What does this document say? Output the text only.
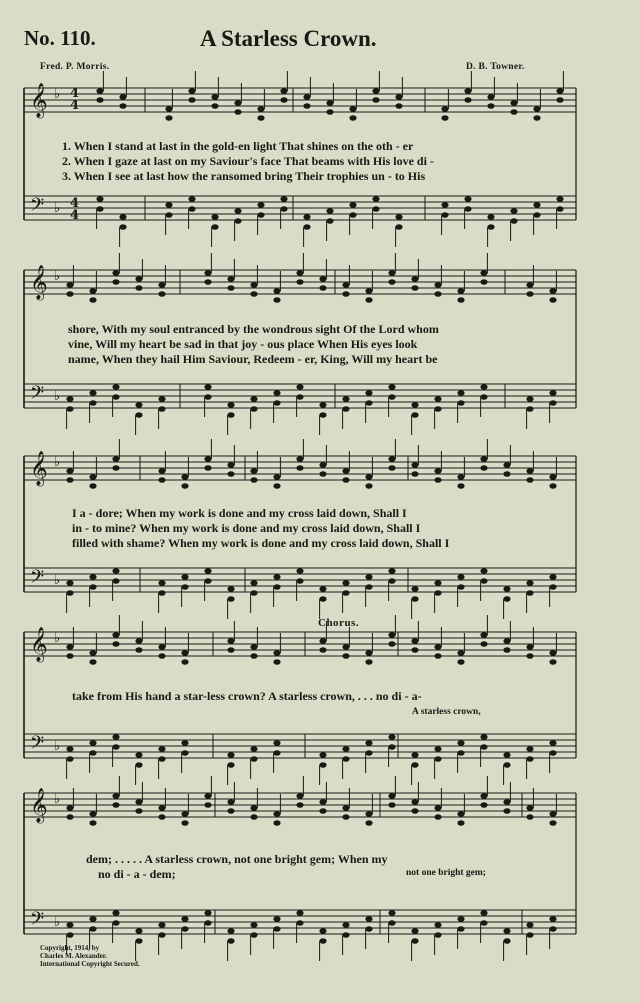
No. 110.	A Starless Crown.
Fred. P. Morris.	D. B. Towner.
𝄞
𝄢
♭
♭
𝄞
𝄢
♭
♭
𝄞
𝄢
♭
♭
𝄞
𝄢
♭
♭
𝄞
𝄢
♭
♭
4
4
4
4
1. When I stand at last in the gold-en light That shines on the oth - er
2. When I gaze at last on my Saviour's face That beams with His love di -
3. When I see at last how the ransomed bring Their trophies un - to His
shore, With my soul entranced by the wondrous sight Of the Lord whom
vine, Will my heart be sad in that joy - ous place When His eyes look
name, When they hail Him Saviour, Redeem - er, King, Will my heart be
I a - dore; When my work is done and my cross laid down, Shall I
in - to mine? When my work is done and my cross laid down, Shall I
filled with shame? When my work is done and my cross laid down, Shall I
Chorus.
take from His hand a star-less crown? A starless crown, . . . no di - a-
A starless crown,
dem; . . . . . A starless crown, not one bright gem; When my
no di - a - dem;	not one bright gem;
Copyright, 1914, by
Charles M. Alexander.
International Copyright Secured.
